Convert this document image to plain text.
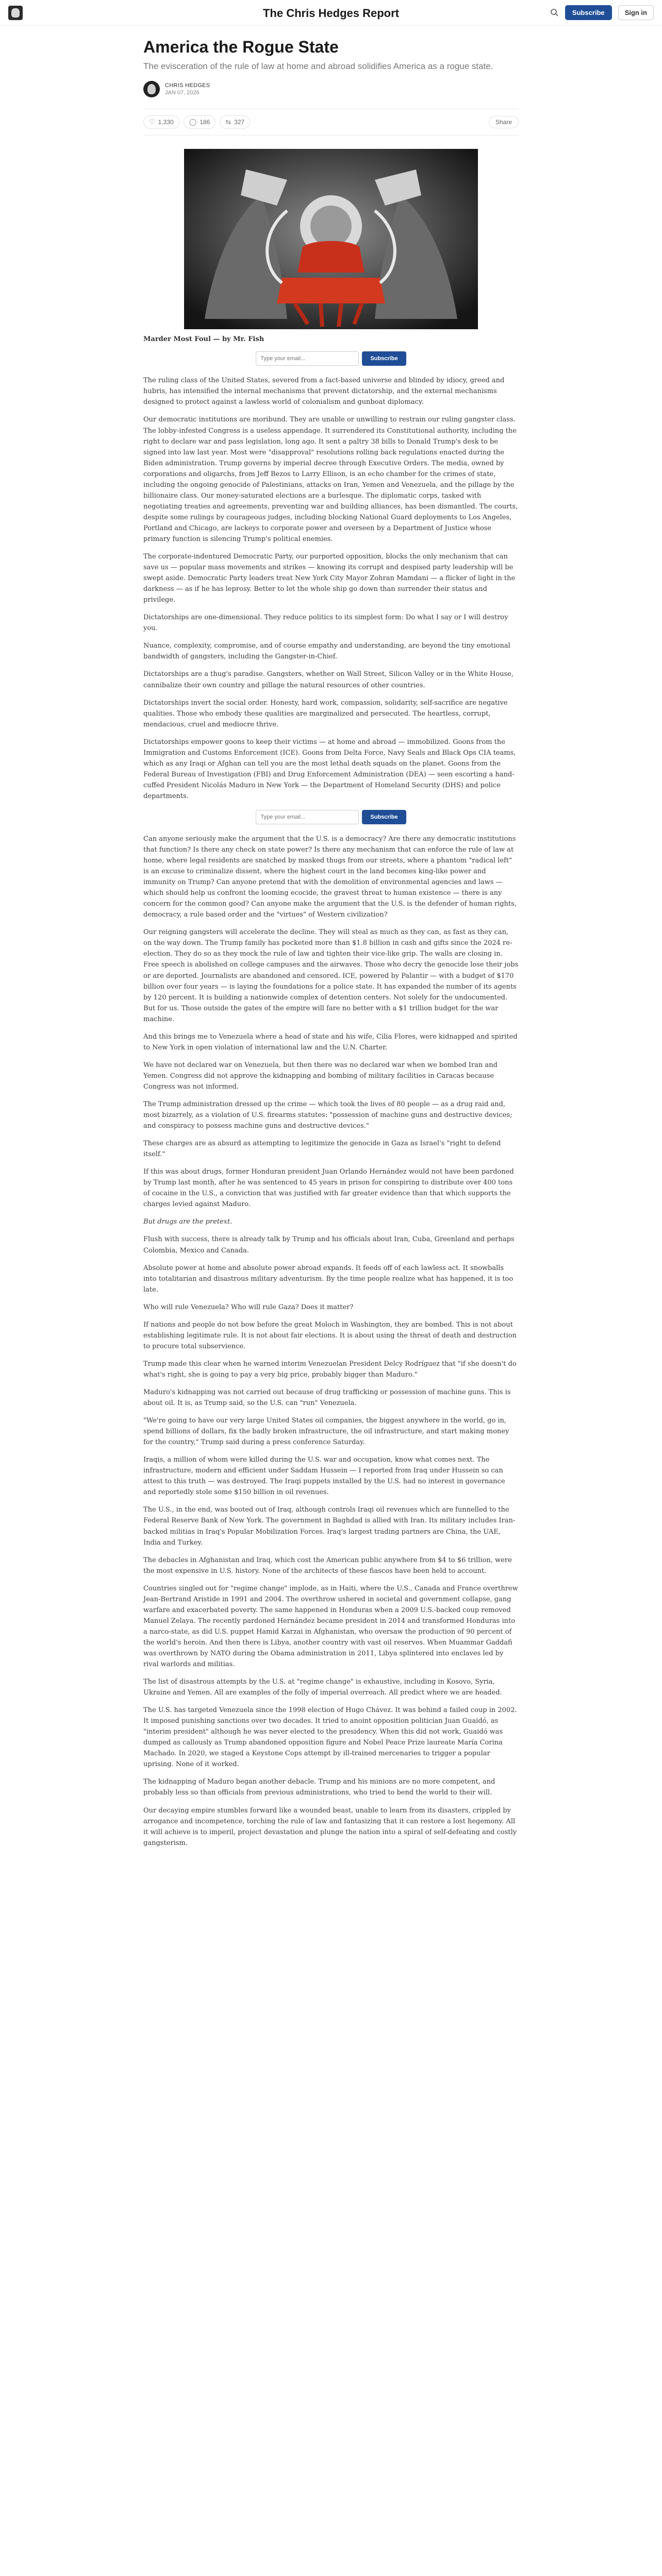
The Chris Hedges Report	Subscribe	Sign in
America the Rogue State
The evisceration of the rule of law at home and abroad solidifies America as a rogue state.
CHRIS HEDGES
JAN 07, 2026
♡ 1,330 ◯ 186 ⇆ 327	Share
Marder Most Foul — by Mr. Fish
Type your email...
Subscribe

The ruling class of the United States, severed from a fact-based universe and blinded by idiocy, greed and hubris, has intensified the internal mechanisms that prevent dictatorship, and the external mechanisms designed to protect against a lawless world of colonialism and gunboat diplomacy.

Our democratic institutions are moribund. They are unable or unwilling to restrain our ruling gangster class. The lobby-infested Congress is a useless appendage. It surrendered its Constitutional authority, including the right to declare war and pass legislation, long ago. It sent a paltry 38 bills to Donald Trump's desk to be signed into law last year. Most were "disapproval" resolutions rolling back regulations enacted during the Biden administration. Trump governs by imperial decree through Executive Orders. The media, owned by corporations and oligarchs, from Jeff Bezos to Larry Ellison, is an echo chamber for the crimes of state, including the ongoing genocide of Palestinians, attacks on Iran, Yemen and Venezuela, and the pillage by the billionaire class. Our money-saturated elections are a burlesque. The diplomatic corps, tasked with negotiating treaties and agreements, preventing war and building alliances, has been dismantled. The courts, despite some rulings by courageous judges, including blocking National Guard deployments to Los Angeles, Portland and Chicago, are lackeys to corporate power and overseen by a Department of Justice whose primary function is silencing Trump's political enemies.

The corporate-indentured Democratic Party, our purported opposition, blocks the only mechanism that can save us — popular mass movements and strikes — knowing its corrupt and despised party leadership will be swept aside. Democratic Party leaders treat New York City Mayor Zohran Mamdani — a flicker of light in the darkness — as if he has leprosy. Better to let the whole ship go down than surrender their status and privilege.

Dictatorships are one-dimensional. They reduce politics to its simplest form: Do what I say or I will destroy you.

Nuance, complexity, compromise, and of course empathy and understanding, are beyond the tiny emotional bandwidth of gangsters, including the Gangster-in-Chief.

Dictatorships are a thug's paradise. Gangsters, whether on Wall Street, Silicon Valley or in the White House, cannibalize their own country and pillage the natural resources of other countries.

Dictatorships invert the social order. Honesty, hard work, compassion, solidarity, self-sacrifice are negative qualities. Those who embody these qualities are marginalized and persecuted. The heartless, corrupt, mendacious, cruel and mediocre thrive.

Dictatorships empower goons to keep their victims — at home and abroad — immobilized. Goons from the Immigration and Customs Enforcement (ICE). Goons from Delta Force, Navy Seals and Black Ops CIA teams, which as any Iraqi or Afghan can tell you are the most lethal death squads on the planet. Goons from the Federal Bureau of Investigation (FBI) and Drug Enforcement Administration (DEA) — seen escorting a hand-cuffed President Nicolás Maduro in New York — the Department of Homeland Security (DHS) and police departments.

Type your email...
Subscribe

Can anyone seriously make the argument that the U.S. is a democracy? Are there any democratic institutions that function? Is there any check on state power? Is there any mechanism that can enforce the rule of law at home, where legal residents are snatched by masked thugs from our streets, where a phantom "radical left" is an excuse to criminalize dissent, where the highest court in the land becomes king-like power and immunity on Trump? Can anyone pretend that with the demolition of environmental agencies and laws — which should help us confront the looming ecocide, the gravest threat to human existence — there is any concern for the common good? Can anyone make the argument that the U.S. is the defender of human rights, democracy, a rule based order and the "virtues" of Western civilization?

Our reigning gangsters will accelerate the decline. They will steal as much as they can, as fast as they can, on the way down. The Trump family has pocketed more than $1.8 billion in cash and gifts since the 2024 re-election. They do so as they mock the rule of law and tighten their vice-like grip. The walls are closing in. Free speech is abolished on college campuses and the airwaves. Those who decry the genocide lose their jobs or are deported. Journalists are abandoned and censored. ICE, powered by Palantir — with a budget of $170 billion over four years — is laying the foundations for a police state. It has expanded the number of its agents by 120 percent. It is building a nationwide complex of detention centers. Not solely for the undocumented. But for us. Those outside the gates of the empire will fare no better with a $1 trillion budget for the war machine.

And this brings me to Venezuela where a head of state and his wife, Cilia Flores, were kidnapped and spirited to New York in open violation of international law and the U.N. Charter.

We have not declared war on Venezuela, but then there was no declared war when we bombed Iran and Yemen. Congress did not approve the kidnapping and bombing of military facilities in Caracas because Congress was not informed.

The Trump administration dressed up the crime — which took the lives of 80 people — as a drug raid and, most bizarrely, as a violation of U.S. firearms statutes: "possession of machine guns and destructive devices; and conspiracy to possess machine guns and destructive devices."

These charges are as absurd as attempting to legitimize the genocide in Gaza as Israel's "right to defend itself."

If this was about drugs, former Honduran president Juan Orlando Hernández would not have been pardoned by Trump last month, after he was sentenced to 45 years in prison for conspiring to distribute over 400 tons of cocaine in the U.S., a conviction that was justified with far greater evidence than that which supports the charges levied against Maduro.

But drugs are the pretext.

Flush with success, there is already talk by Trump and his officials about Iran, Cuba, Greenland and perhaps Colombia, Mexico and Canada.

Absolute power at home and absolute power abroad expands. It feeds off of each lawless act. It snowballs into totalitarian and disastrous military adventurism. By the time people realize what has happened, it is too late.

Who will rule Venezuela? Who will rule Gaza? Does it matter?

If nations and people do not bow before the great Moloch in Washington, they are bombed. This is not about establishing legitimate rule. It is not about fair elections. It is about using the threat of death and destruction to procure total subservience.

Trump made this clear when he warned interim Venezuelan President Delcy Rodríguez that "if she doesn't do what's right, she is going to pay a very big price, probably bigger than Maduro."

Maduro's kidnapping was not carried out because of drug trafficking or possession of machine guns. This is about oil. It is, as Trump said, so the U.S. can "run" Venezuela.

"We're going to have our very large United States oil companies, the biggest anywhere in the world, go in, spend billions of dollars, fix the badly broken infrastructure, the oil infrastructure, and start making money for the country," Trump said during a press conference Saturday.

Iraqis, a million of whom were killed during the U.S. war and occupation, know what comes next. The infrastructure, modern and efficient under Saddam Hussein — I reported from Iraq under Hussein so can attest to this truth — was destroyed. The Iraqi puppets installed by the U.S. had no interest in governance and reportedly stole some $150 billion in oil revenues.

The U.S., in the end, was booted out of Iraq, although controls Iraqi oil revenues which are funnelled to the Federal Reserve Bank of New York. The government in Baghdad is allied with Iran. Its military includes Iran-backed militias in Iraq's Popular Mobilization Forces. Iraq's largest trading partners are China, the UAE, India and Turkey.

The debacles in Afghanistan and Iraq, which cost the American public anywhere from $4 to $6 trillion, were the most expensive in U.S. history. None of the architects of these fiascos have been held to account.

Countries singled out for "regime change" implode, as in Haiti, where the U.S., Canada and France overthrew Jean-Bertrand Aristide in 1991 and 2004. The overthrow ushered in societal and government collapse, gang warfare and exacerbated poverty. The same happened in Honduras when a 2009 U.S.-backed coup removed Manuel Zelaya. The recently pardoned Hernández became president in 2014 and transformed Honduras into a narco-state, as did U.S. puppet Hamid Karzai in Afghanistan, who oversaw the production of 90 percent of the world's heroin. And then there is Libya, another country with vast oil reserves. When Muammar Gaddafi was overthrown by NATO during the Obama administration in 2011, Libya splintered into enclaves led by rival warlords and militias.

The list of disastrous attempts by the U.S. at "regime change" is exhaustive, including in Kosovo, Syria, Ukraine and Yemen. All are examples of the folly of imperial overreach. All predict where we are headed.

The U.S. has targeted Venezuela since the 1998 election of Hugo Chávez. It was behind a failed coup in 2002. It imposed punishing sanctions over two decades. It tried to anoint opposition politician Juan Guaidó, as "interim president" although he was never elected to the presidency. When this did not work, Guaidó was dumped as callously as Trump abandoned opposition figure and Nobel Peace Prize laureate María Corina Machado. In 2020, we staged a Keystone Cops attempt by ill-trained mercenaries to trigger a popular uprising. None of it worked.

The kidnapping of Maduro began another debacle. Trump and his minions are no more competent, and probably less so than officials from previous administrations, who tried to bend the world to their will.

Our decaying empire stumbles forward like a wounded beast, unable to learn from its disasters, crippled by arrogance and incompetence, torching the rule of law and fantasizing that it can restore a lost hegemony. All it will achieve is to imperil, project devastation and plunge the nation into a spiral of self-defeating and costly gangsterism.
